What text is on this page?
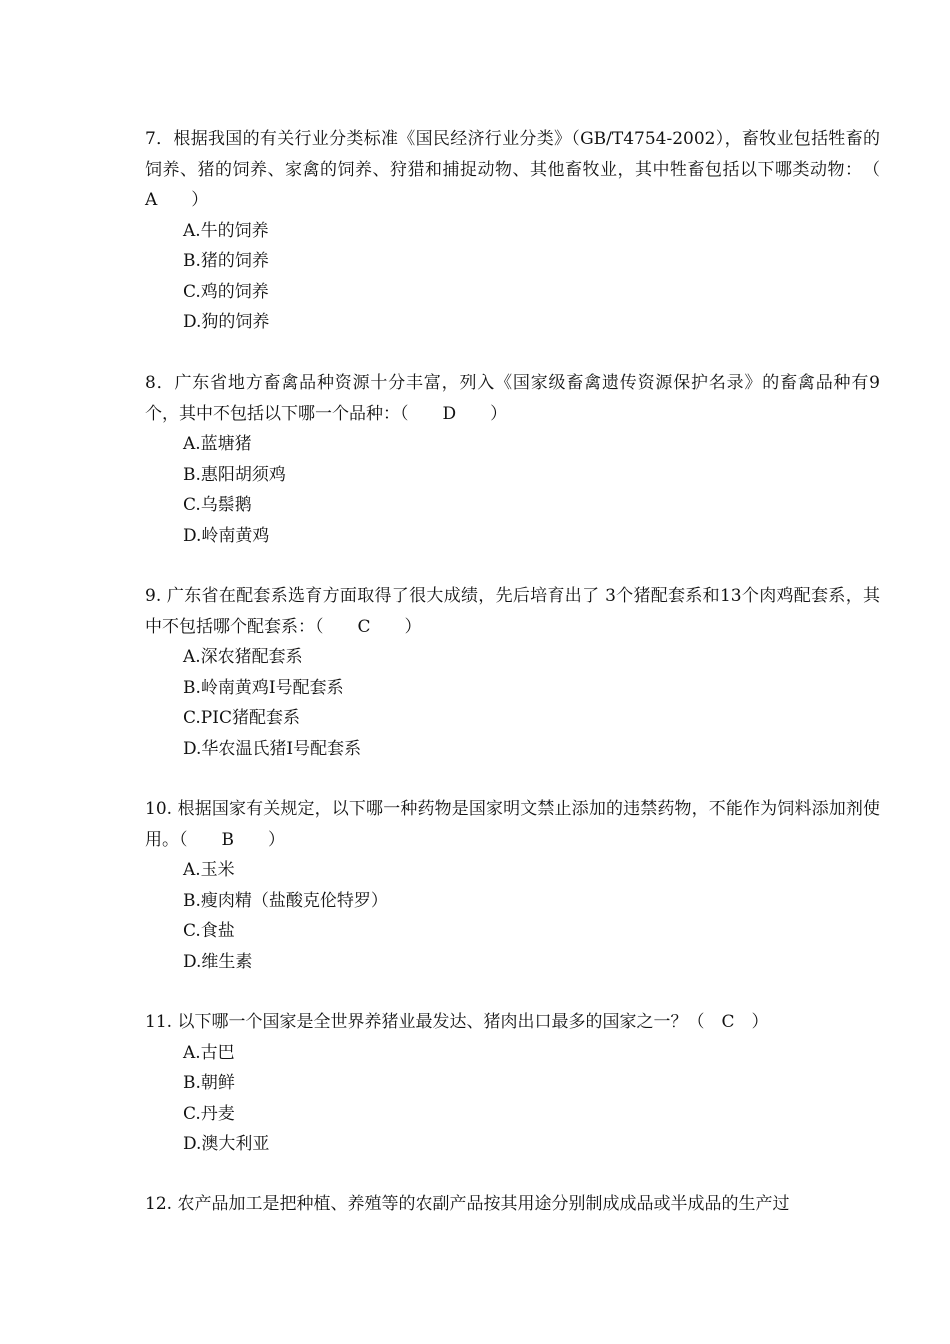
7．根据我国的有关行业分类标准《国民经济行业分类》（GB/T4754-2002），畜牧业包括牲畜的饲养、猪的饲养、家禽的饲养、狩猎和捕捉动物、其他畜牧业，其中牲畜包括以下哪类动物：　（　　A　　）

A.牛的饲养
B.猪的饲养
C.鸡的饲养
D.狗的饲养

8．广东省地方畜禽品种资源十分丰富，列入《国家级畜禽遗传资源保护名录》的畜禽品种有9个，其中不包括以下哪一个品种：（　　D　　）

A.蓝塘猪
B.惠阳胡须鸡
C.乌鬃鹅
D.岭南黄鸡

9. 广东省在配套系选育方面取得了很大成绩，先后培育出了 3个猪配套系和13个肉鸡配套系，其中不包括哪个配套系：（　　C　　）

A.深农猪配套系
B.岭南黄鸡Ⅰ号配套系
C.PIC猪配套系
D.华农温氏猪Ⅰ号配套系

10. 根据国家有关规定，以下哪一种药物是国家明文禁止添加的违禁药物，不能作为饲料添加剂使用。（　　B　　）

A.玉米
B.瘦肉精（盐酸克伦特罗）
C.食盐
D.维生素

11. 以下哪一个国家是全世界养猪业最发达、猪肉出口最多的国家之一？（　C　）

A.古巴
B.朝鲜
C.丹麦
D.澳大利亚

12. 农产品加工是把种植、养殖等的农副产品按其用途分别制成成品或半成品的生产过
